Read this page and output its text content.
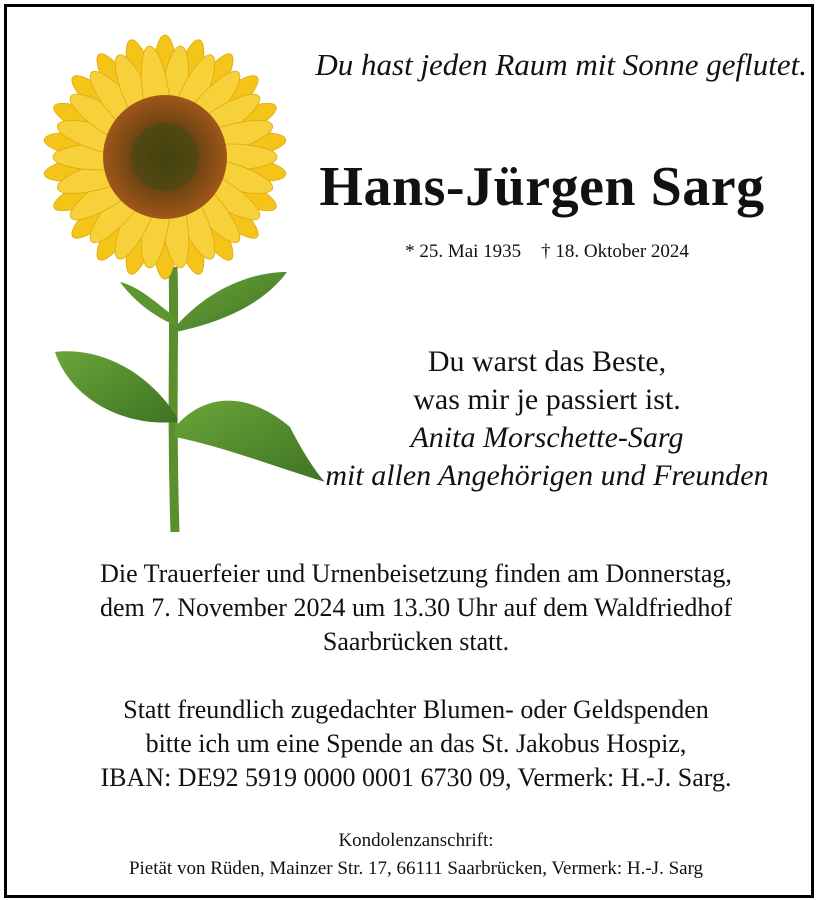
Du hast jeden Raum mit Sonne geflutet.
Hans-Jürgen Sarg
* 25. Mai 1935 † 18. Oktober 2024
Du warst das Beste,
was mir je passiert ist.
Anita Morschette-Sarg
mit allen Angehörigen und Freunden
Die Trauerfeier und Urnenbeisetzung finden am Donnerstag,
dem 7. November 2024 um 13.30 Uhr auf dem Waldfriedhof
Saarbrücken statt.
Statt freundlich zugedachter Blumen- oder Geldspenden
bitte ich um eine Spende an das St. Jakobus Hospiz,
IBAN: DE92 5919 0000 0001 6730 09, Vermerk: H.-J. Sarg.
Kondolenzanschrift:
Pietät von Rüden, Mainzer Str. 17, 66111 Saarbrücken, Vermerk: H.-J. Sarg
